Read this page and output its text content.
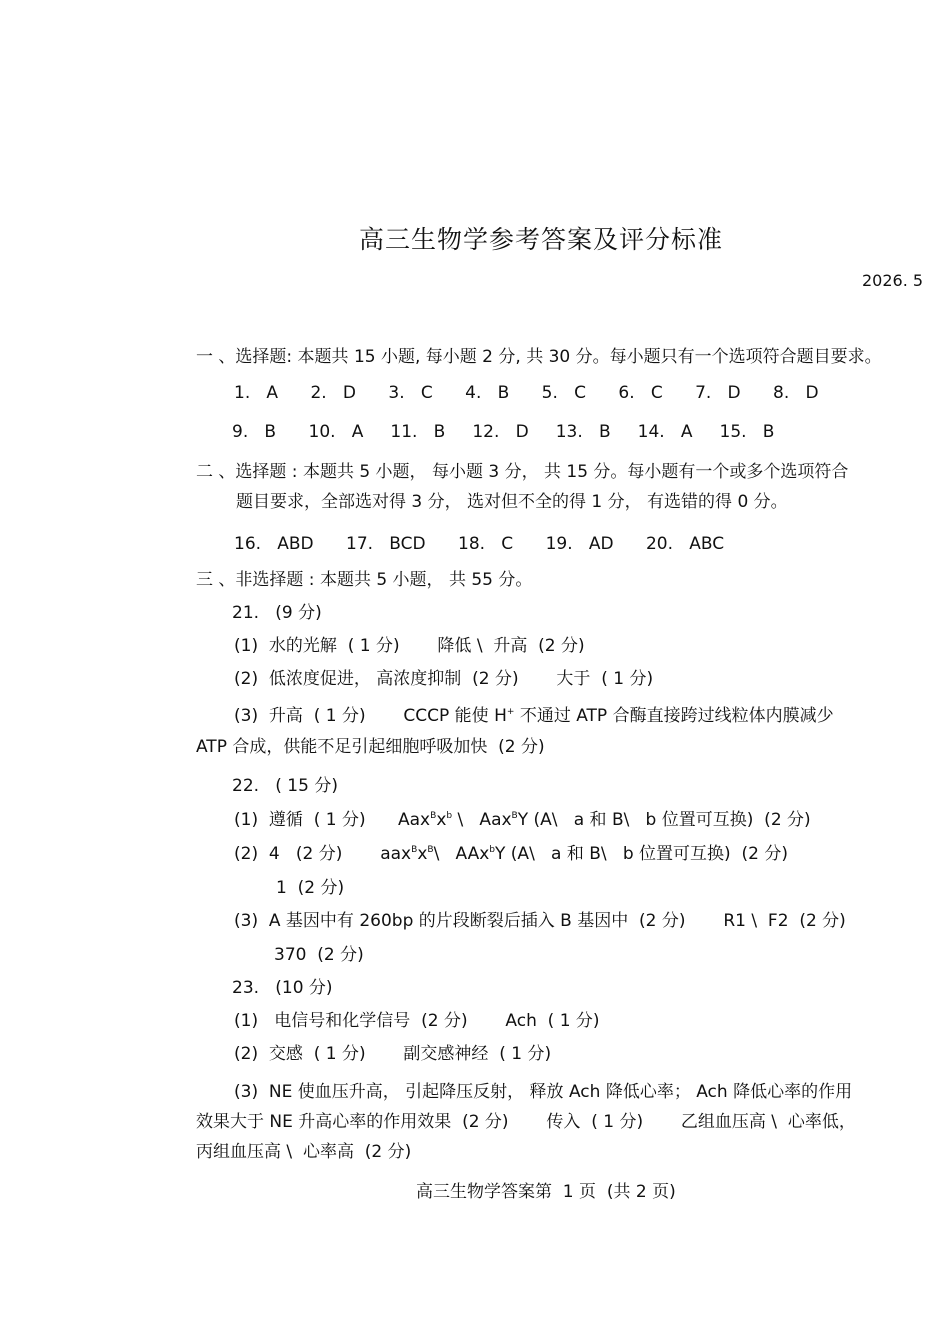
高三生物学参考答案及评分标准
2026. 5
一 、选择题: 本题共 15 小题, 每小题 2 分, 共 30 分。每小题只有一个选项符合题目要求。
1.   A      2.   D      3.   C      4.   B      5.   C      6.   C      7.   D      8.   D
9.   B      10.   A     11.   B     12.   D     13.   B     14.   A     15.   B
二 、选择题 : 本题共 5 小题， 每小题 3 分， 共 15 分。每小题有一个或多个选项符合
题目要求，全部选对得 3 分， 选对但不全的得 1 分， 有选错的得 0 分。
16.   ABD      17.   BCD      18.   C      19.   AD      20.   ABC
三 、非选择题 : 本题共 5 小题， 共 55 分。
21.   (9 分)
(1)  水的光解  ( 1 分)       降低 \  升高  (2 分)
(2)  低浓度促进， 高浓度抑制  (2 分)       大于  ( 1 分)
(3)  升高  ( 1 分)       CCCP 能使 H+ 不通过 ATP 合酶直接跨过线粒体内膜减少
ATP 合成，供能不足引起细胞呼吸加快  (2 分)
22.   ( 15 分)
(1)  遵循  ( 1 分)      $Aax^Bx^b$ \   Aax$^B$Y (A\   a 和 B\   b 位置可互换)  (2 分)
(2)  4   (2 分)       $aax^Bx^B\backslash$   AAx$^b$Y (A\   a 和 B\   b 位置可互换)  (2 分)
1  (2 分)
(3)  A 基因中有 260bp 的片段断裂后插入 B 基因中  (2 分)       R1 \  F2  (2 分)
370  (2 分)
23.   (10 分)
(1)   电信号和化学信号  (2 分)       Ach  ( 1 分)
(2)  交感  ( 1 分)       副交感神经  ( 1 分)
(3)  NE 使血压升高， 引起降压反射， 释放 Ach 降低心率； Ach 降低心率的作用
效果大于 NE 升高心率的作用效果  (2 分)       传入  ( 1 分)       乙组血压高 \  心率低，
丙组血压高 \  心率高  (2 分)
高三生物学答案第  1 页  (共 2 页)
